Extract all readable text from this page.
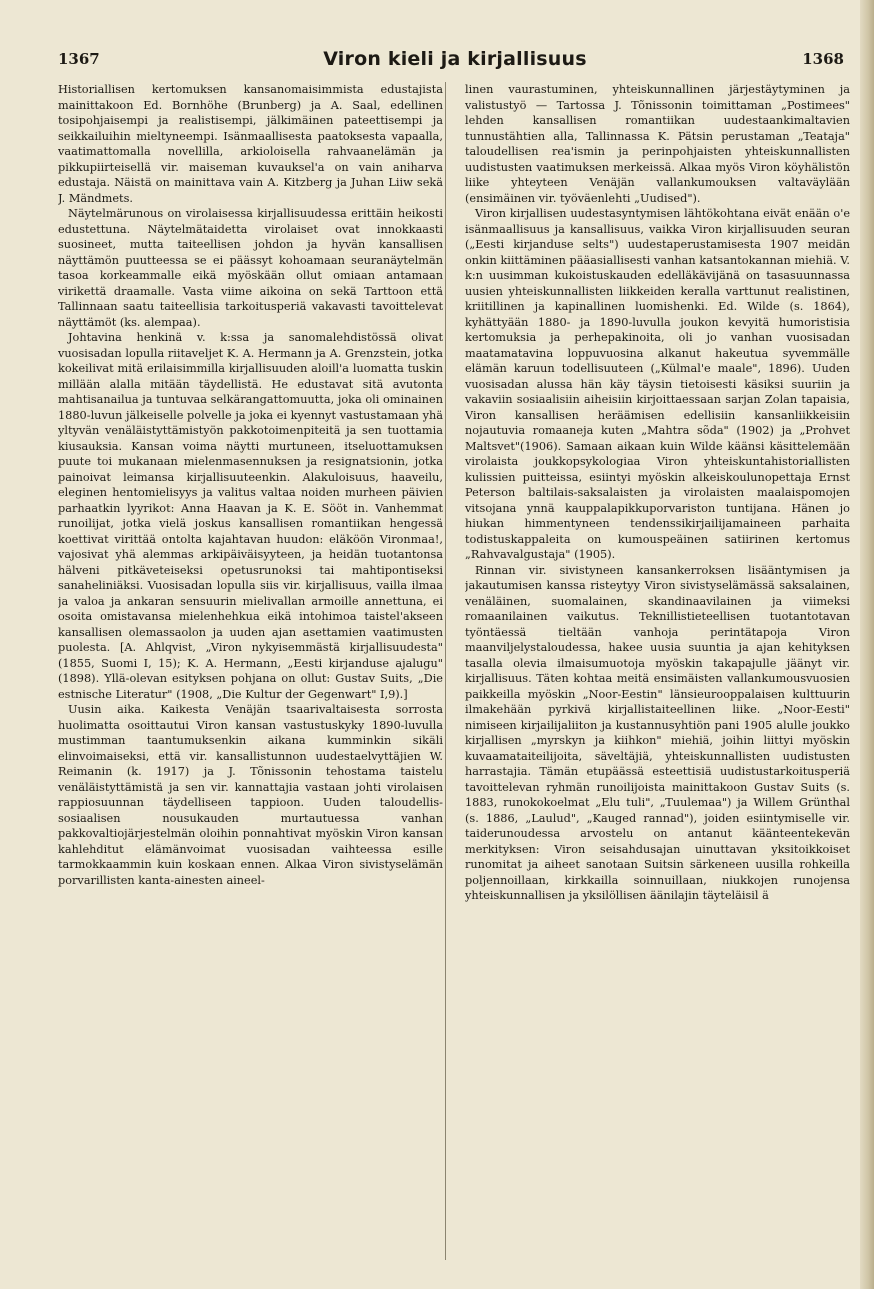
1367	Viron kieli ja kirjallisuus	1368

Historiallisen kertomuksen kansanomaisimmista edustajista mainittakoon Ed. Bornhöhe (Brunberg) ja A. Saal, edellinen tosipohjaisempi ja realistisempi, jälkimäinen pateettisempi ja seikkailuihin mieltyneempi. Isänmaallisesta paatoksesta vapaalla, vaatimattomalla novellilla, arkioloisella rahvaanelämän ja pikkupiirteisellä vir. maiseman kuvauksel'a on vain aniharva edustaja. Näistä on mainittava vain A. Kitzberg ja Juhan Liiw sekä J. Mändmets.

Näytelmärunous on virolaisessa kirjallisuudessa erittäin heikosti edustettuna. Näytelmätaidetta virolaiset ovat innokkaasti suosineet, mutta taiteellisen johdon ja hyvän kansallisen näyttämön puutteessa se ei päässyt kohoamaan seuranäytelmän tasoa korkeammalle eikä myöskään ollut omiaan antamaan virikettä draamalle. Vasta viime aikoina on sekä Tarttoon että Tallinnaan saatu taiteellisia tarkoitusperiä vakavasti tavoittelevat näyttämöt (ks. alempaa).

Johtavina henkinä v. k:ssa ja sanomalehdistössä olivat vuosisadan lopulla riitaveljet K. A. Hermann ja A. Grenzstein, jotka kokeilivat mitä erilaisimmilla kirjallisuuden aloill'a luomatta tuskin millään alalla mitään täydellistä. He edustavat sitä avutonta mahtisanailua ja tuntuvaa selkärangattomuutta, joka oli ominainen 1880-luvun jälkeiselle polvelle ja joka ei kyennyt vastustamaan yhä yltyvän venäläistyttämistyön pakkotoimenpiteitä ja sen tuottamia kiusauksia. Kansan voima näytti murtuneen, itseluottamuksen puute toi mukanaan mielenmasennuksen ja resignatsionin, jotka painoivat leimansa kirjallisuuteenkin. Alakuloisuus, haaveilu, eleginen hentomielisyys ja valitus valtaa noiden murheen päivien parhaatkin lyyrikot: Anna Haavan ja K. E. Sööt in. Vanhemmat runoilijat, jotka vielä joskus kansallisen romantiikan hengessä koettivat virittää ontolta kajahtavan huudon: eläköön Vironmaa!, vajosivat yhä alemmas arkipäiväisyyteen, ja heidän tuotantonsa hälveni pitkäveteiseksi opetusrunoksi tai mahtipontiseksi sanaheliniäksi. Vuosisadan lopulla siis vir. kirjallisuus, vailla ilmaa ja valoa ja ankaran sensuurin mielivallan armoille annettuna, ei osoita omistavansa mielenhehkua eikä intohimoa taistel'akseen kansallisen olemassaolon ja uuden ajan asettamien vaatimusten puolesta. [A. Ahlqvist, „Viron nykyisemmästä kirjallisuudesta" (1855, Suomi I, 15); K. A. Hermann, „Eesti kirjanduse ajalugu" (1898). Yllä-olevan esityksen pohjana on ollut: Gustav Suits, „Die estnische Literatur" (1908, „Die Kultur der Gegenwart" I,9).]

Uusin aika. Kaikesta Venäjän tsaarivaltaisesta sorrosta huolimatta osoittautui Viron kansan vastustuskyky 1890-luvulla mustimman taantumuksenkin aikana kumminkin sikäli elinvoimaiseksi, että vir. kansallistunnon uudestaelvyttäjien W. Reimanin (k. 1917) ja J. Tõnissonin tehostama taistelu venäläistyttämistä ja sen vir. kannattajia vastaan johti virolaisen rappiosuunnan täydelliseen tappioon. Uuden taloudellis-sosiaalisen nousukauden murtautuessa vanhan pakkovaltiojärjestelmän oloihin ponnahtivat myöskin Viron kansan kahlehditut elämänvoimat vuosisadan vaihteessa esille tarmokkaammin kuin koskaan ennen. Alkaa Viron sivistyselämän porvarillisten kanta-ainesten aineel-

linen vaurastuminen, yhteiskunnallinen järjestäytyminen ja valistustyö — Tartossa J. Tõnissonin toimittaman „Postimees" lehden kansallisen romantiikan uudestaankimaltavien tunnustähtien alla, Tallinnassa K. Pätsin perustaman „Teataja" taloudellisen rea'ismin ja perinpohjaisten yhteiskunnallisten uudistusten vaatimuksen merkeissä. Alkaa myös Viron köyhälistön liike yhteyteen Venäjän vallankumouksen valtaväylään (ensimäinen vir. työväenlehti „Uudised").

Viron kirjallisen uudestasyntymisen lähtökohtana eivät enään o'e isänmaallisuus ja kansallisuus, vaikka Viron kirjallisuuden seuran („Eesti kirjanduse selts") uudestaperustamisesta 1907 meidän onkin kiittäminen pääasiallisesti vanhan katsantokannan miehiä. V. k:n uusimman kukoistuskauden edelläkävijänä on tasasuunnassa uusien yhteiskunnallisten liikkeiden keralla varttunut realistinen, kriitillinen ja kapinallinen luomishenki. Ed. Wilde (s. 1864), kyhättyään 1880- ja 1890-luvulla joukon kevyitä humoristisia kertomuksia ja perhepakinoita, oli jo vanhan vuosisadan maatamatavina loppuvuosina alkanut hakeutua syvemmälle elämän karuun todellisuuteen („Külmal'e maale", 1896). Uuden vuosisadan alussa hän käy täysin tietoisesti käsiksi suuriin ja vakaviin sosiaalisiin aiheisiin kirjoittaessaan sarjan Zolan tapaisia, Viron kansallisen heräämisen edellisiin kansanliikkeisiin nojautuvia romaaneja kuten „Mahtra sõda" (1902) ja „Prohvet Maltsvet"(1906). Samaan aikaan kuin Wilde käänsi käsittelemään virolaista joukkopsykologiaa Viron yhteiskuntahistoriallisten kulissien puitteissa, esiintyi myöskin alkeiskoulunopettaja Ernst Peterson baltilais-saksalaisten ja virolaisten maalaispomojen vitsojana ynnä kauppalapikkuporvariston tuntijana. Hänen jo hiukan himmentyneen tendenssikirjailijamaineen parhaita todistuskappaleita on kumouspeäinen satiirinen kertomus „Rahvavalgustaja" (1905).

Rinnan vir. sivistyneen kansankerroksen lisääntymisen ja jakautumisen kanssa risteytyy Viron sivistyselämässä saksalainen, venäläinen, suomalainen, skandinaavilainen ja viimeksi romaanilainen vaikutus. Teknillistieteellisen tuotantotavan työntäessä tieltään vanhoja perintätapoja Viron maanviljelystaloudessa, hakee uusia suuntia ja ajan kehityksen tasalla olevia ilmaisumuotoja myöskin takapajulle jäänyt vir. kirjallisuus. Täten kohtaa meitä ensimäisten vallankumousvuosien paikkeilla myöskin „Noor-Eestin" länsieurooppalaisen kulttuurin ilmakehään pyrkivä kirjallistaiteellinen liike. „Noor-Eesti" nimiseen kirjailijaliiton ja kustannusyhtiön pani 1905 alulle joukko kirjallisen „myrskyn ja kiihkon" miehiä, joihin liittyi myöskin kuvaamataiteilijoita, säveltäjiä, yhteiskunnallisten uudistusten harrastajia. Tämän etupäässä esteettisiä uudistustarkoitusperiä tavoittelevan ryhmän runoilijoista mainittakoon Gustav Suits (s. 1883, runokokoelmat „Elu tuli", „Tuulemaa") ja Willem Grünthal (s. 1886, „Laulud", „Kauged rannad"), joiden esiintymiselle vir. taiderunoudessa arvostelu on antanut käänteentekevän merkityksen: Viron seisahdusajan uinuttavan yksitoikkoiset runomitat ja aiheet sanotaan Suitsin särkeneen uusilla rohkeilla poljennoillaan, kirkkailla soinnuillaan, niukkojen runojensa yhteiskunnallisen ja yksilöllisen äänilajin täyteläisil ä
